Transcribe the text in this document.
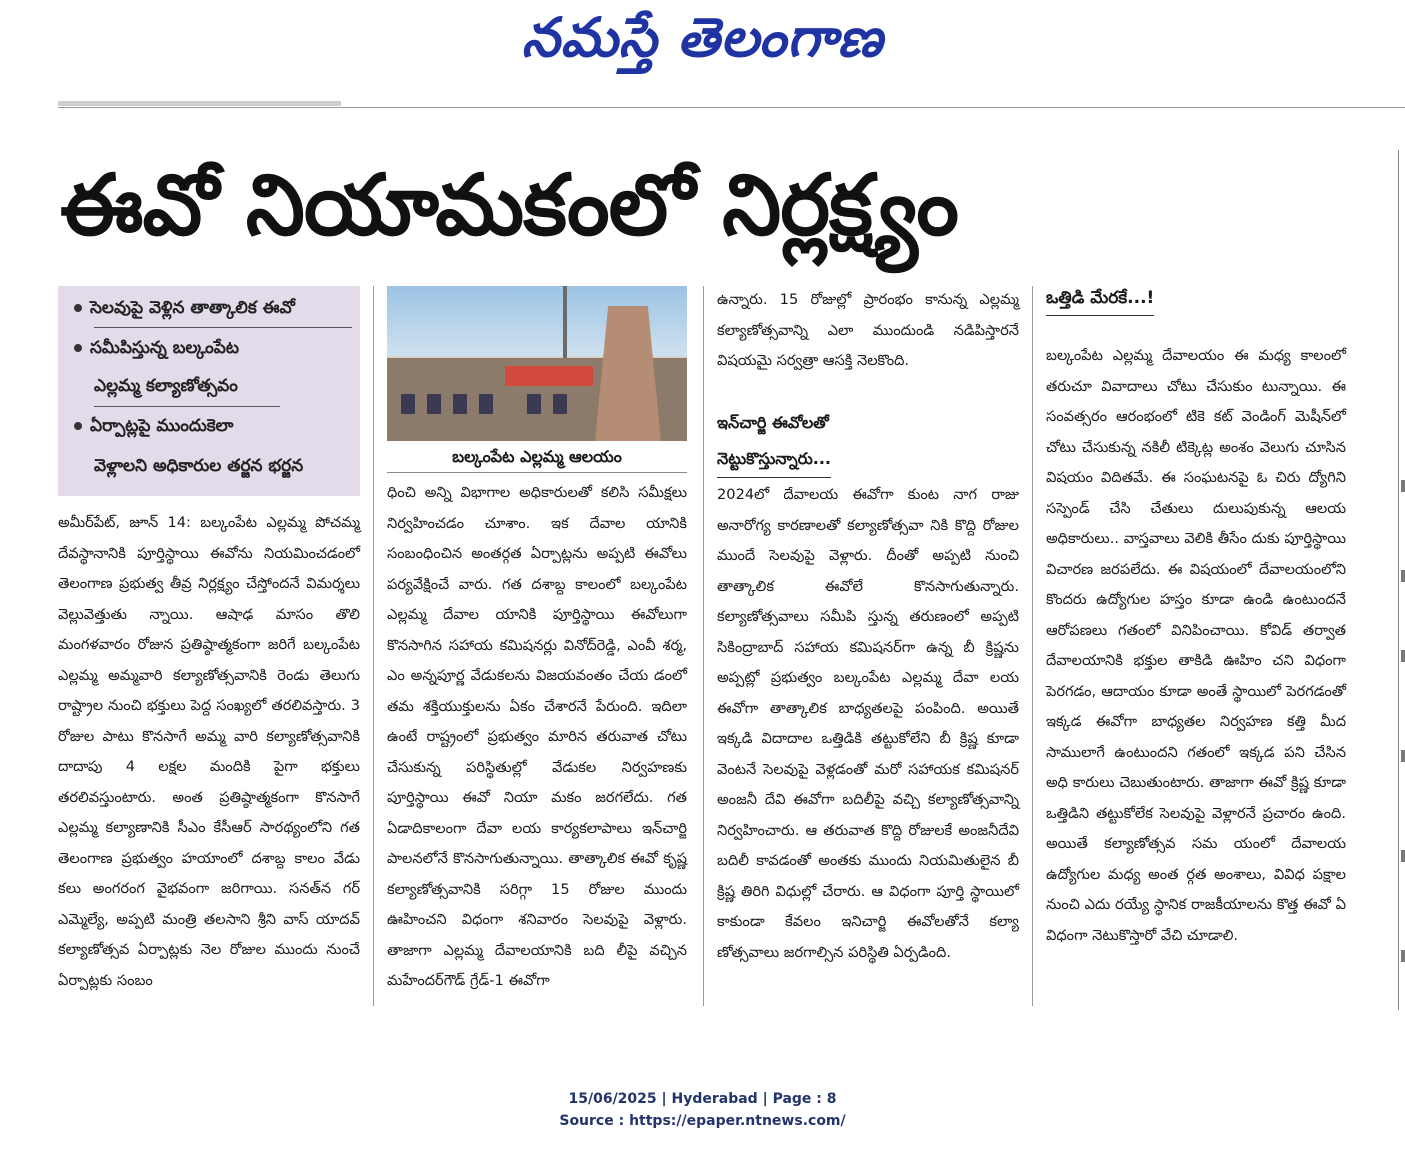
నమస్తే తెలంగాణ
ఈవో నియామకంలో నిర్లక్ష్యం
సెలవుపై వెళ్లిన తాత్కాలిక ఈవో
సమీపిస్తున్న బల్కంపేట
ఎల్లమ్మ కల్యాణోత్సవం
ఏర్పాట్లపై ముందుకెలా
వెళ్లాలని అధికారుల తర్జన భర్జన	బల్కంపేట ఎల్లమ్మ ఆలయం
అమీర్‌పేట్, జూన్ 14: బల్కంపేట ఎల్లమ్మ పోచమ్మ దేవస్థానానికి పూర్తిస్థాయి ఈవోను నియమించడంలో తెలంగాణ ప్రభుత్వ తీవ్ర నిర్లక్ష్యం చేస్తోందనే విమర్శలు వెల్లువెత్తుతు న్నాయి. ఆషాఢ మాసం తొలి మంగళవారం రోజున ప్రతిష్ఠాత్మకంగా జరిగే బల్కంపేట ఎల్లమ్మ అమ్మవారి కల్యాణోత్సవానికి రెండు తెలుగు రాష్ట్రాల నుంచి భక్తులు పెద్ద సంఖ్యలో తరలివస్తారు. 3 రోజుల పాటు కొనసాగే అమ్మ వారి కల్యాణోత్సవానికి దాదాపు 4 లక్షల మందికి పైగా భక్తులు తరలివస్తుంటారు. అంత ప్రతిష్ఠాత్మకంగా కొనసాగే ఎల్లమ్మ కల్యాణానికి సీఎం కేసీఆర్ సారథ్యంలోని గత తెలంగాణ ప్రభుత్వం హయాంలో దశాబ్ద కాలం వేడు కలు అంగరంగ వైభవంగా జరిగాయి. సనత్‌న గర్ ఎమ్మెల్యే, అప్పటి మంత్రి తలసాని శ్రీని వాస్ యాదవ్ కల్యాణోత్సవ ఏర్పాట్లకు నెల రోజుల ముందు నుంచే ఏర్పాట్లకు సంబం
ధించి అన్ని విభాగాల అధికారులతో కలిసి సమీక్షలు నిర్వహించడం చూశాం. ఇక దేవాల యానికి సంబంధించిన అంతర్గత ఏర్పాట్లను అప్పటి ఈవోలు పర్యవేక్షించే వారు. గత దశాబ్ద కాలంలో బల్కంపేట ఎల్లమ్మ దేవాల యానికి పూర్తిస్థాయి ఈవోలుగా కొనసాగిన సహాయ కమిషనర్లు వినోద్‌రెడ్డి, ఎంవీ శర్మ, ఎం అన్నపూర్ణ వేడుకలను విజయవంతం చేయ డంలో తమ శక్తియుక్తులను ఏకం చేశారనే పేరుంది. ఇదిలా ఉంటే రాష్ట్రంలో ప్రభుత్వం మారిన తరువాత చోటు చేసుకున్న పరిస్థితుల్లో వేడుకల నిర్వహణకు పూర్తిస్థాయి ఈవో నియా మకం జరగలేదు. గత ఏడాదికాలంగా దేవా లయ కార్యకలాపాలు ఇన్‌చార్జి పాలనలోనే కొనసాగుతున్నాయి. తాత్కాలిక ఈవో కృష్ణ కల్యాణోత్సవానికి సరిగ్గా 15 రోజుల ముందు ఊహించని విధంగా శనివారం సెలవుపై వెళ్లారు. తాజాగా ఎల్లమ్మ దేవాలయానికి బది లీపై వచ్చిన మహేందర్‌గౌడ్ గ్రేడ్-1 ఈవోగా
ఉన్నారు. 15 రోజుల్లో ప్రారంభం కానున్న ఎల్లమ్మ కల్యాణోత్సవాన్ని ఎలా ముందుండి నడిపిస్తారనే విషయమై సర్వత్రా ఆసక్తి నెలకొంది.
ఇన్‌చార్జి ఈవోలతో
నెట్టుకొస్తున్నారు...
2024లో దేవాలయ ఈవోగా కుంట నాగ రాజు అనారోగ్య కారణాలతో కల్యాణోత్సవా నికి కొద్ది రోజుల ముందే సెలవుపై వెళ్లారు. దీంతో అప్పటి నుంచి తాత్కాలిక ఈవోలే కొనసాగుతున్నారు. కల్యాణోత్సవాలు సమీపి స్తున్న తరుణంలో అప్పటి సికింద్రాబాద్ సహాయ కమిషనర్‌గా ఉన్న బీ క్రిష్ణను అప్పట్లో ప్రభుత్వం బల్కంపేట ఎల్లమ్మ దేవా లయ ఈవోగా తాత్కాలిక బాధ్యతలపై పంపింది. అయితే ఇక్కడి విదాదాల ఒత్తిడికి తట్టుకోలేని బీ క్రిష్ణ కూడా వెంటనే సెలవుపై వెళ్లడంతో మరో సహాయక కమిషనర్ అంజనీ దేవి ఈవోగా బదిలీపై వచ్చి కల్యాణోత్సవాన్ని నిర్వహించారు. ఆ తరువాత కొద్ది రోజులకే అంజనీదేవి బదిలీ కావడంతో అంతకు ముందు నియమితులైన బీ క్రిష్ణ తిరిగి విధుల్లో చేరారు. ఆ విధంగా పూర్తి స్థాయిలో కాకుండా కేవలం ఇనిచార్జి ఈవోలతోనే కల్యా ణోత్సవాలు జరగాల్సిన పరిస్థితి ఏర్పడింది.
ఒత్తిడి మేరకే...!
బల్కంపేట ఎల్లమ్మ దేవాలయం ఈ మధ్య కాలంలో తరుచూ వివాదాలు చోటు చేసుకుం టున్నాయి. ఈ సంవత్సరం ఆరంభంలో టికె కట్ వెండింగ్ మెషీన్‌లో చోటు చేసుకున్న నకిలీ టిక్కెట్ల అంశం వెలుగు చూసిన విషయం విదితమే. ఈ సంఘటనపై ఓ చిరు ద్యోగిని సస్పెండ్ చేసి చేతులు దులుపుకున్న ఆలయ అధికారులు.. వాస్తవాలు వెలికి తీసేం దుకు పూర్తిస్థాయి విచారణ జరపలేదు. ఈ విషయంలో దేవాలయంలోని కొందరు ఉద్యోగుల హస్తం కూడా ఉండి ఉంటుందనే ఆరోపణలు గతంలో వినిపించాయి. కోవిడ్ తర్వాత దేవాలయానికి భక్తుల తాకిడి ఊహిం చని విధంగా పెరగడం, ఆదాయం కూడా అంతే స్థాయిలో పెరగడంతో ఇక్కడ ఈవోగా బాధ్యతల నిర్వహణ కత్తి మీద సాములాగే ఉంటుందని గతంలో ఇక్కడ పని చేసిన అధి కారులు చెబుతుంటారు. తాజాగా ఈవో క్రిష్ణ కూడా ఒత్తిడిని తట్టుకోలేక సెలవుపై వెళ్లారనే ప్రచారం ఉంది. అయితే కల్యాణోత్సవ సమ యంలో దేవాలయ ఉద్యోగుల మధ్య అంత ర్గత అంశాలు, వివిధ పక్షాల నుంచి ఎదు రయ్యే స్థానిక రాజకీయాలను కొత్త ఈవో ఏ విధంగా నెటుకొస్తారో వేచి చూడాలి.
15/06/2025 | Hyderabad | Page : 8
Source : https://epaper.ntnews.com/
